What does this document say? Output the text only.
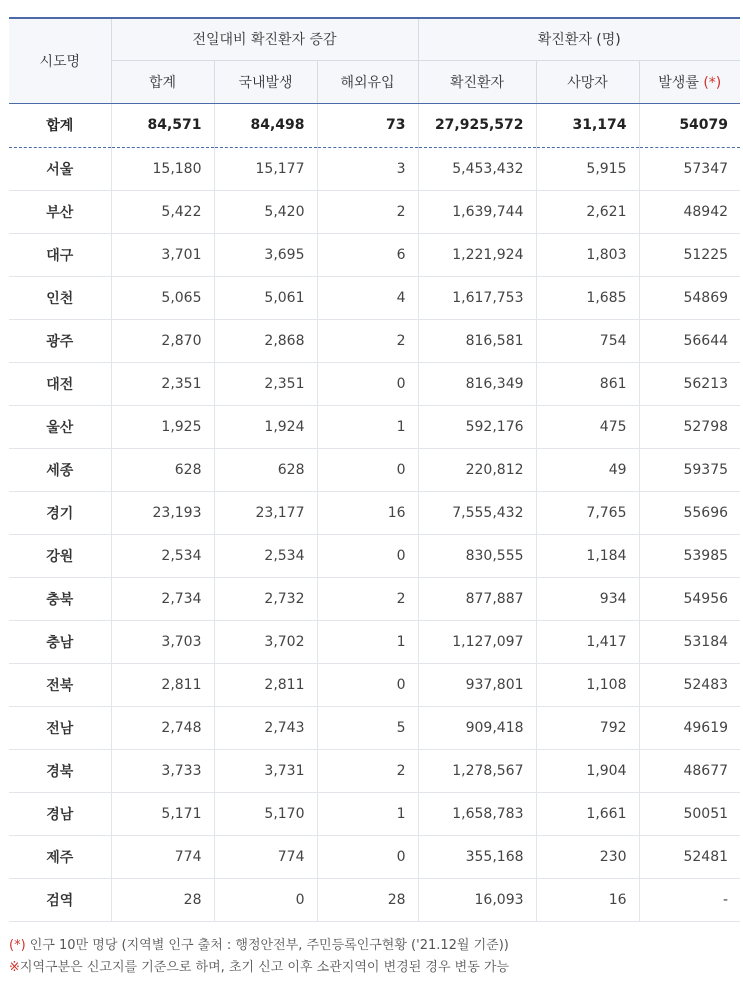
시도명	전일대비 확진환자 증감			확진환자 (명)		
	합계	국내발생	해외유입	확진환자	사망자	발생률 (*)
합계	84,571	84,498	73	27,925,572	31,174	54079
서울	15,180	15,177	3	5,453,432	5,915	57347
부산	5,422	5,420	2	1,639,744	2,621	48942
대구	3,701	3,695	6	1,221,924	1,803	51225
인천	5,065	5,061	4	1,617,753	1,685	54869
광주	2,870	2,868	2	816,581	754	56644
대전	2,351	2,351	0	816,349	861	56213
울산	1,925	1,924	1	592,176	475	52798
세종	628	628	0	220,812	49	59375
경기	23,193	23,177	16	7,555,432	7,765	55696
강원	2,534	2,534	0	830,555	1,184	53985
충북	2,734	2,732	2	877,887	934	54956
충남	3,703	3,702	1	1,127,097	1,417	53184
전북	2,811	2,811	0	937,801	1,108	52483
전남	2,748	2,743	5	909,418	792	49619
경북	3,733	3,731	2	1,278,567	1,904	48677
경남	5,171	5,170	1	1,658,783	1,661	50051
제주	774	774	0	355,168	230	52481
검역	28	0	28	16,093	16	-
(*) 인구 10만 명당 (지역별 인구 출처 : 행정안전부, 주민등록인구현황 ('21.12월 기준))
※지역구분은 신고지를 기준으로 하며, 초기 신고 이후 소관지역이 변경된 경우 변동 가능
